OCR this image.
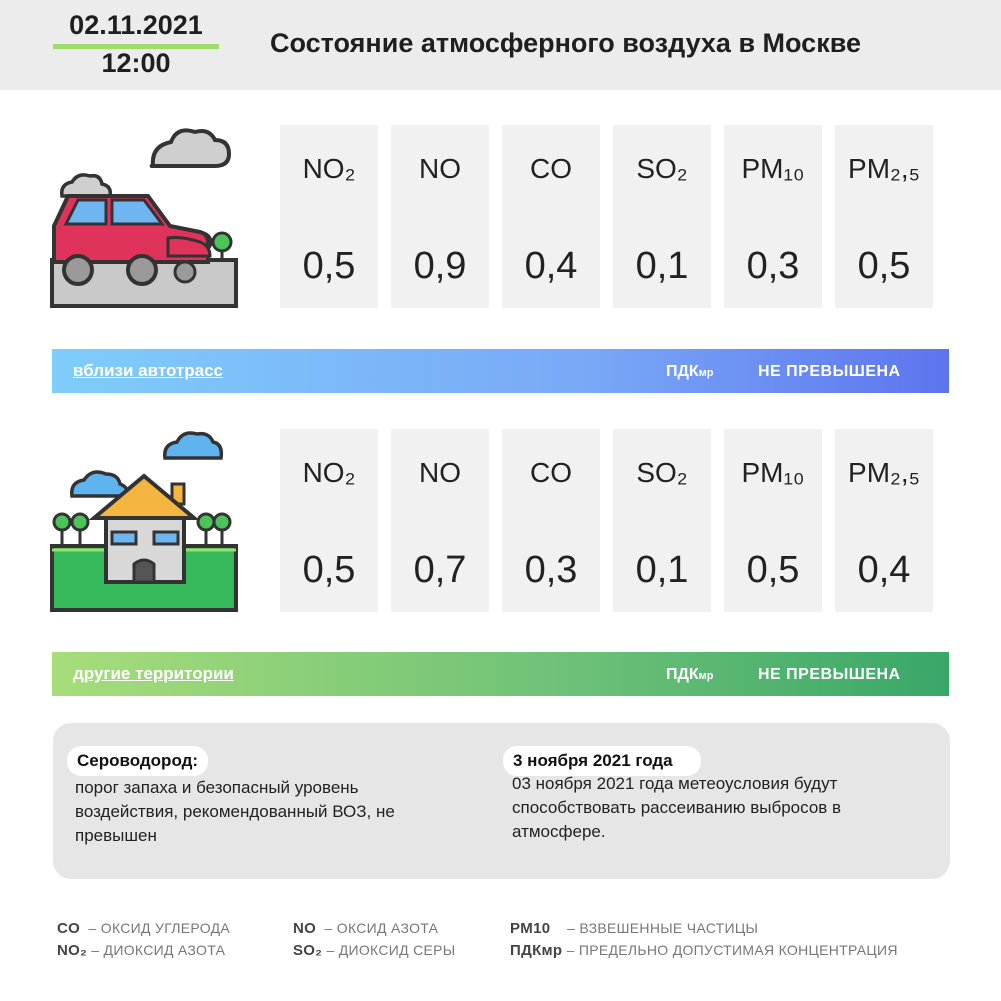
02.11.2021
12:00
Состояние атмосферного воздуха в Москве
NO₂
0,5
NO
0,9
CO
0,4
SO₂
0,1
PM₁₀
0,3
PM₂,₅
0,5
вблизи автотрасс	ПДКмр	НЕ ПРЕВЫШЕНА
NO₂
0,5
NO
0,7
CO
0,3
SO₂
0,1
PM₁₀
0,5
PM₂,₅
0,4
другие территории	ПДКмр	НЕ ПРЕВЫШЕНА
Сероводород:
порог запаха и безопасный уровень воздействия, рекомендованный ВОЗ, не превышен
3 ноября 2021 года
03 ноября 2021 года метеоусловия будут способствовать рассеиванию выбросов в атмосфере.
CO – ОКСИД УГЛЕРОДА
NO₂ – ДИОКСИД АЗОТА
NO – ОКСИД АЗОТА
SO₂ – ДИОКСИД СЕРЫ
PM10 – ВЗВЕШЕННЫЕ ЧАСТИЦЫ
ПДКмр – ПРЕДЕЛЬНО ДОПУСТИМАЯ КОНЦЕНТРАЦИЯ
